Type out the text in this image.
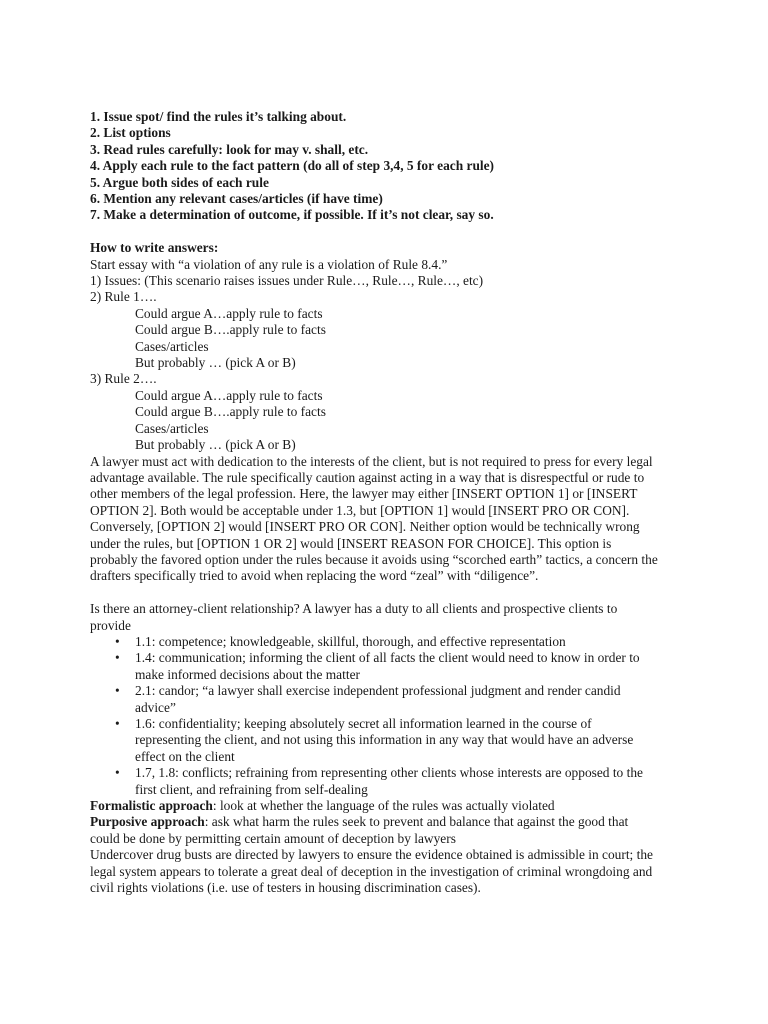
1. Issue spot/ find the rules it’s talking about.
2. List options
3. Read rules carefully: look for may v. shall, etc.
4. Apply each rule to the fact pattern (do all of step 3,4, 5 for each rule)
5. Argue both sides of each rule
6. Mention any relevant cases/articles (if have time)
7. Make a determination of outcome, if possible. If it’s not clear, say so.
How to write answers:
Start essay with “a violation of any rule is a violation of Rule 8.4.”
1) Issues: (This scenario raises issues under Rule…, Rule…, Rule…, etc)
2) Rule 1….
Could argue A…apply rule to facts
Could argue B….apply rule to facts
Cases/articles
But probably … (pick A or B)
3) Rule 2….
Could argue A…apply rule to facts
Could argue B….apply rule to facts
Cases/articles
But probably … (pick A or B)
A lawyer must act with dedication to the interests of the client, but is not required to press for every legal
advantage available. The rule specifically caution against acting in a way that is disrespectful or rude to
other members of the legal profession. Here, the lawyer may either [INSERT OPTION 1] or [INSERT
OPTION 2]. Both would be acceptable under 1.3, but [OPTION 1] would [INSERT PRO OR CON].
Conversely, [OPTION 2] would [INSERT PRO OR CON]. Neither option would be technically wrong
under the rules, but [OPTION 1 OR 2] would [INSERT REASON FOR CHOICE]. This option is
probably the favored option under the rules because it avoids using “scorched earth” tactics, a concern the
drafters specifically tried to avoid when replacing the word “zeal” with “diligence”.
Is there an attorney-client relationship? A lawyer has a duty to all clients and prospective clients to
provide
• 1.1: competence; knowledgeable, skillful, thorough, and effective representation
• 1.4: communication; informing the client of all facts the client would need to know in order to
make informed decisions about the matter
• 2.1: candor; “a lawyer shall exercise independent professional judgment and render candid
advice”
• 1.6: confidentiality; keeping absolutely secret all information learned in the course of
representing the client, and not using this information in any way that would have an adverse
effect on the client
• 1.7, 1.8: conflicts; refraining from representing other clients whose interests are opposed to the
first client, and refraining from self-dealing
Formalistic approach: look at whether the language of the rules was actually violated
Purposive approach: ask what harm the rules seek to prevent and balance that against the good that
could be done by permitting certain amount of deception by lawyers
Undercover drug busts are directed by lawyers to ensure the evidence obtained is admissible in court; the
legal system appears to tolerate a great deal of deception in the investigation of criminal wrongdoing and
civil rights violations (i.e. use of testers in housing discrimination cases).
